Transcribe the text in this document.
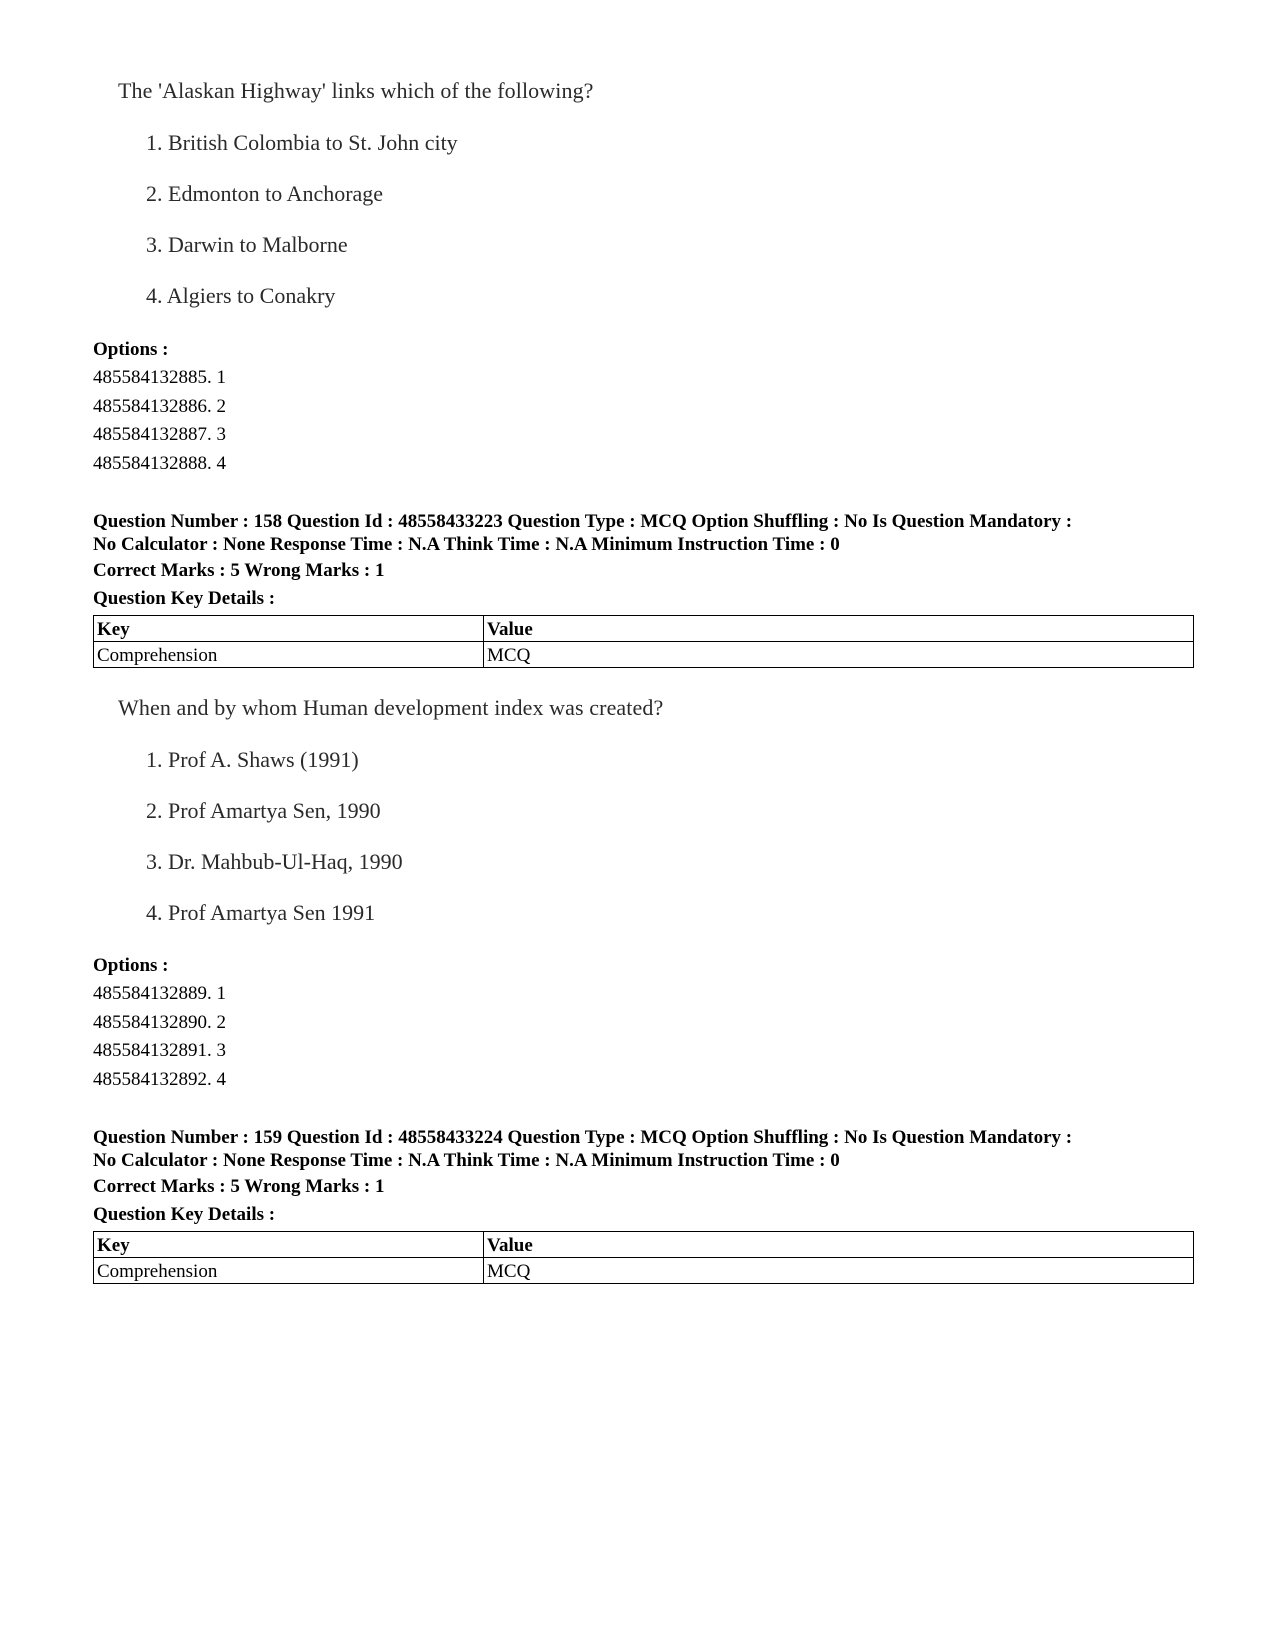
The 'Alaskan Highway' links which of the following?

1. British Colombia to St. John city

2. Edmonton to Anchorage

3. Darwin to Malborne

4. Algiers to Conakry

Options :

485584132885. 1

485584132886. 2

485584132887. 3

485584132888. 4

Question Number : 158 Question Id : 48558433223 Question Type : MCQ Option Shuffling : No Is Question Mandatory :

No Calculator : None Response Time : N.A Think Time : N.A Minimum Instruction Time : 0

Correct Marks : 5 Wrong Marks : 1

Question Key Details :

Key	Value
Comprehension	MCQ

When and by whom Human development index was created?

1. Prof A. Shaws (1991)

2. Prof Amartya Sen, 1990

3. Dr. Mahbub-Ul-Haq, 1990

4. Prof Amartya Sen 1991

Options :

485584132889. 1

485584132890. 2

485584132891. 3

485584132892. 4

Question Number : 159 Question Id : 48558433224 Question Type : MCQ Option Shuffling : No Is Question Mandatory :

No Calculator : None Response Time : N.A Think Time : N.A Minimum Instruction Time : 0

Correct Marks : 5 Wrong Marks : 1

Question Key Details :

Key	Value
Comprehension	MCQ
